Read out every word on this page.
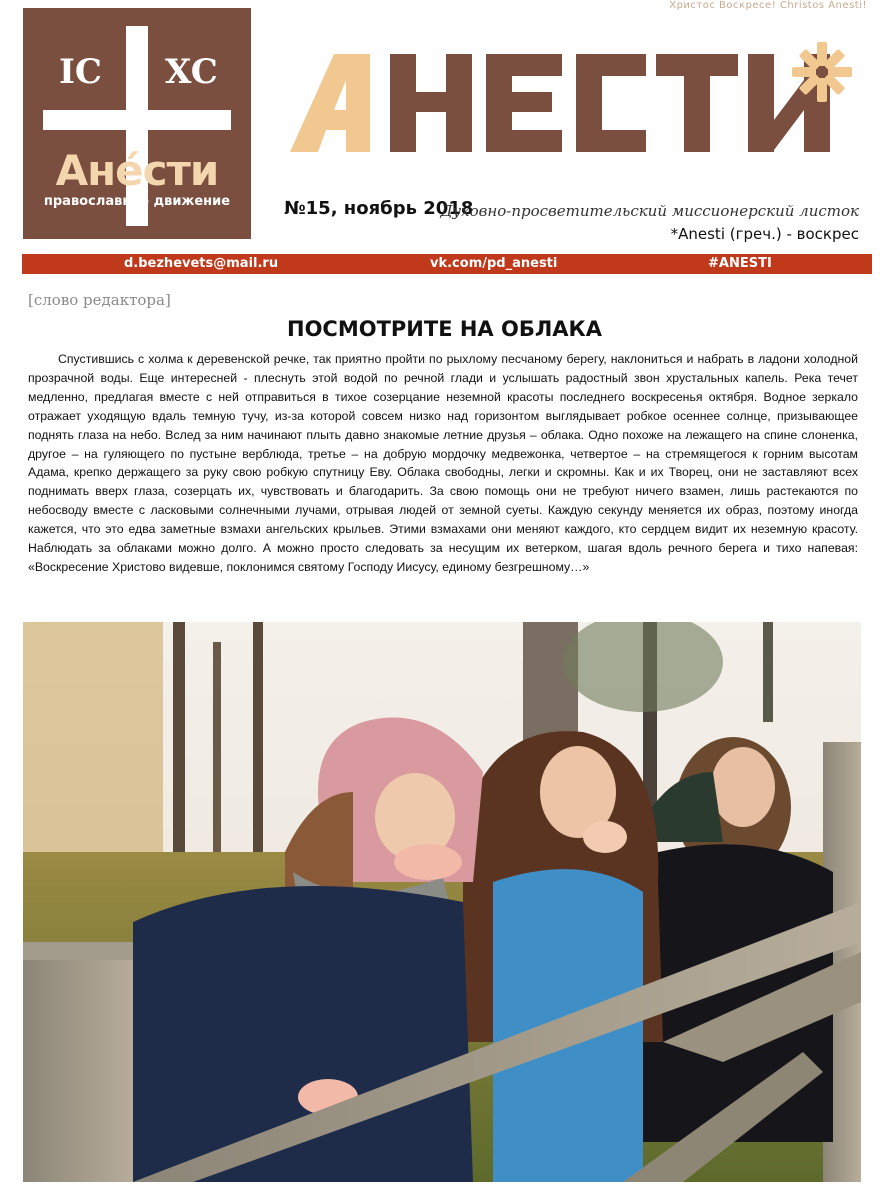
IC XC
Анéсти
православное движение
Христос Воскресе! Christos Anesti!
АНЕСТИ
№15, ноябрь 2018
Духовно-просветительский миссионерский листок
*Anesti (греч.) - воскрес
d.bezhevets@mail.ru	vk.com/pd_anesti	#ANESTI
[слово редактора]
ПОСМОТРИТЕ НА ОБЛАКА

Спустившись с холма к деревенской речке, так приятно пройти по рыхлому песчаному берегу, наклониться и набрать в ладони холодной прозрачной воды. Еще интересней - плеснуть этой водой по речной глади и услышать радостный звон хрустальных капель. Река течет медленно, предлагая вместе с ней отправиться в тихое созерцание неземной красоты последнего воскресенья октября. Водное зеркало отражает уходящую вдаль темную тучу, из-за которой совсем низко над горизонтом выглядывает робкое осеннее солнце, призывающее поднять глаза на небо. Вслед за ним начинают плыть давно знакомые летние друзья – облака. Одно похоже на лежащего на спине слоненка, другое – на гуляющего по пустыне верблюда, третье – на добрую мордочку медвежонка, четвертое – на стремящегося к горним высотам Адама, крепко держащего за руку свою робкую спутницу Еву. Облака свободны, легки и скромны. Как и их Творец, они не заставляют всех поднимать вверх глаза, созерцать их, чувствовать и благодарить. За свою помощь они не требуют ничего взамен, лишь растекаются по небосводу вместе с ласковыми солнечными лучами, отрывая людей от земной суеты. Каждую секунду меняется их образ, поэтому иногда кажется, что это едва заметные взмахи ангельских крыльев. Этими взмахами они меняют каждого, кто сердцем видит их неземную красоту. Наблюдать за облаками можно долго. А можно просто следовать за несущим их ветерком, шагая вдоль речного берега и тихо напевая: «Воскресение Христово видевше, поклонимся святому Господу Иисусу, единому безгрешному…»
